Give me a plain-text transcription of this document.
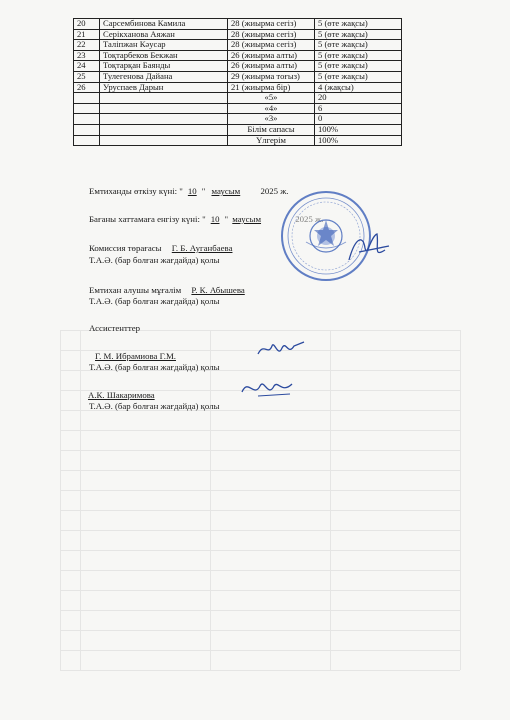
20	Сарсембинова Камила	28 (жиырма сегіз)	5 (өте жақсы)
21	Серікханова Аяжан	28 (жиырма сегіз)	5 (өте жақсы)
22	Таліпжан Кәусар	28 (жиырма сегіз)	5 (өте жақсы)
23	Тоқтарбеков Бекжан	26 (жиырма алты)	5 (өте жақсы)
24	Тоқтарқан Баянды	26 (жиырма алты)	5 (өте жақсы)
25	Тулегенова Дайана	29 (жиырма тоғыз)	5 (өте жақсы)
26	Уруспаев Дарын	21 (жиырма бір)	4 (жақсы)
		«5»	20
		«4»	6
		«3»	0
		Білім сапасы	100%
		Үлгерім	100%
Емтиханды өткізу күні: " 10 " маусым 2025 ж.
Бағаны хаттамаға енгізу күні: " 10 " маусым	2025 ж.
Комиссия төрағасы Г. Б. Ауганбаева
Т.А.Ә. (бар болған жағдайда) қолы
Емтихан алушы мұғалім Р. К. Абышева
Т.А.Ә. (бар болған жағдайда) қолы
Ассистенттер
Г. М. Ибрамиова Г.М.
Т.А.Ә. (бар болған жағдайда) қолы
А.К. Шакаримова
Т.А.Ә. (бар болған жағдайда) қолы
